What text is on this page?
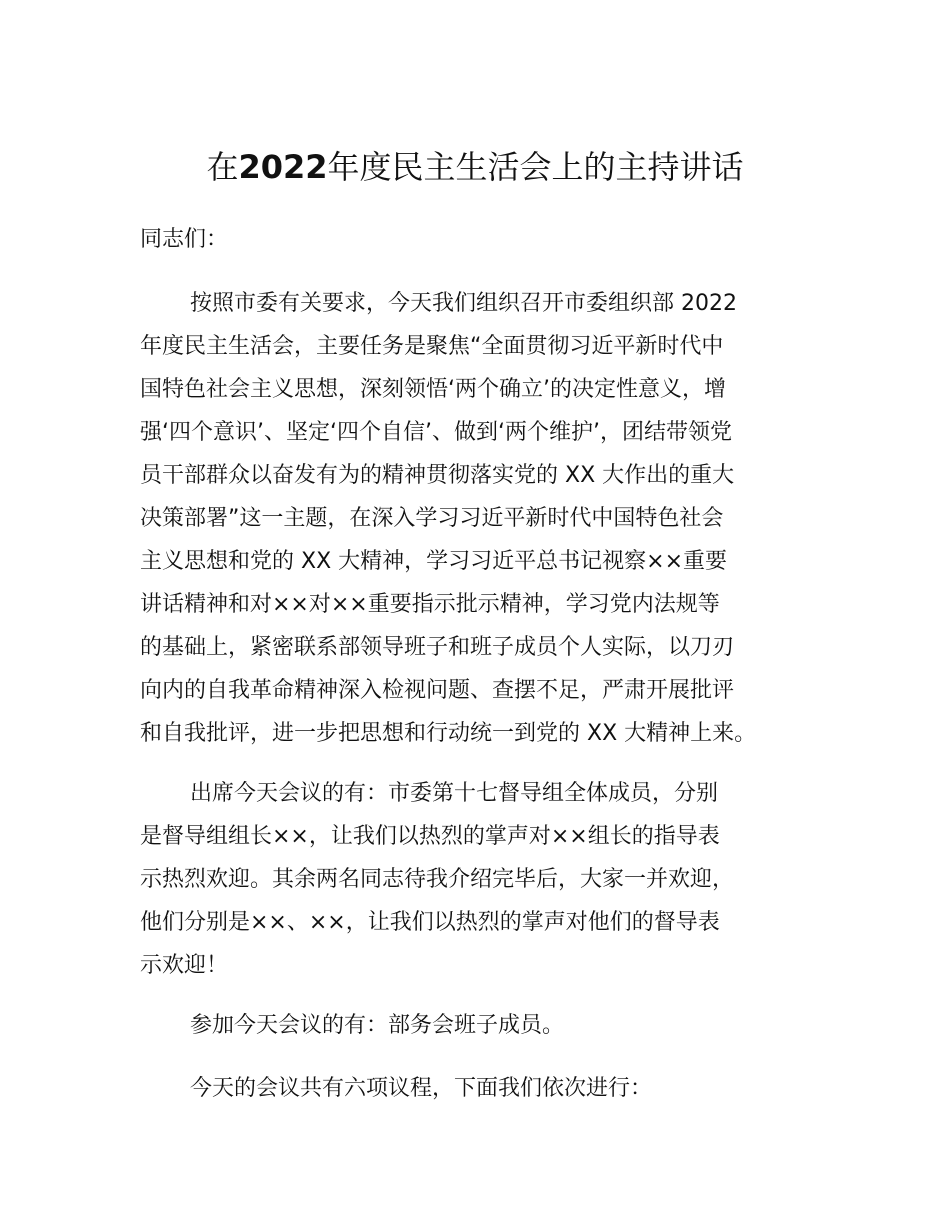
在2022年度民主生活会上的主持讲话
同志们：
按照市委有关要求，今天我们组织召开市委组织部 2022
年度民主生活会，主要任务是聚焦“全面贯彻习近平新时代中
国特色社会主义思想，深刻领悟‘两个确立’的决定性意义，增
强‘四个意识’、坚定‘四个自信’、做到‘两个维护’，团结带领党
员干部群众以奋发有为的精神贯彻落实党的 XX 大作出的重大
决策部署”这一主题，在深入学习习近平新时代中国特色社会
主义思想和党的 XX 大精神，学习习近平总书记视察××重要
讲话精神和对××对××重要指示批示精神，学习党内法规等
的基础上，紧密联系部领导班子和班子成员个人实际，以刀刃
向内的自我革命精神深入检视问题、查摆不足，严肃开展批评
和自我批评，进一步把思想和行动统一到党的 XX 大精神上来。
出席今天会议的有：市委第十七督导组全体成员，分别
是督导组组长××，让我们以热烈的掌声对××组长的指导表
示热烈欢迎。其余两名同志待我介绍完毕后，大家一并欢迎，
他们分别是××、××，让我们以热烈的掌声对他们的督导表
示欢迎！
参加今天会议的有：部务会班子成员。
今天的会议共有六项议程，下面我们依次进行：
